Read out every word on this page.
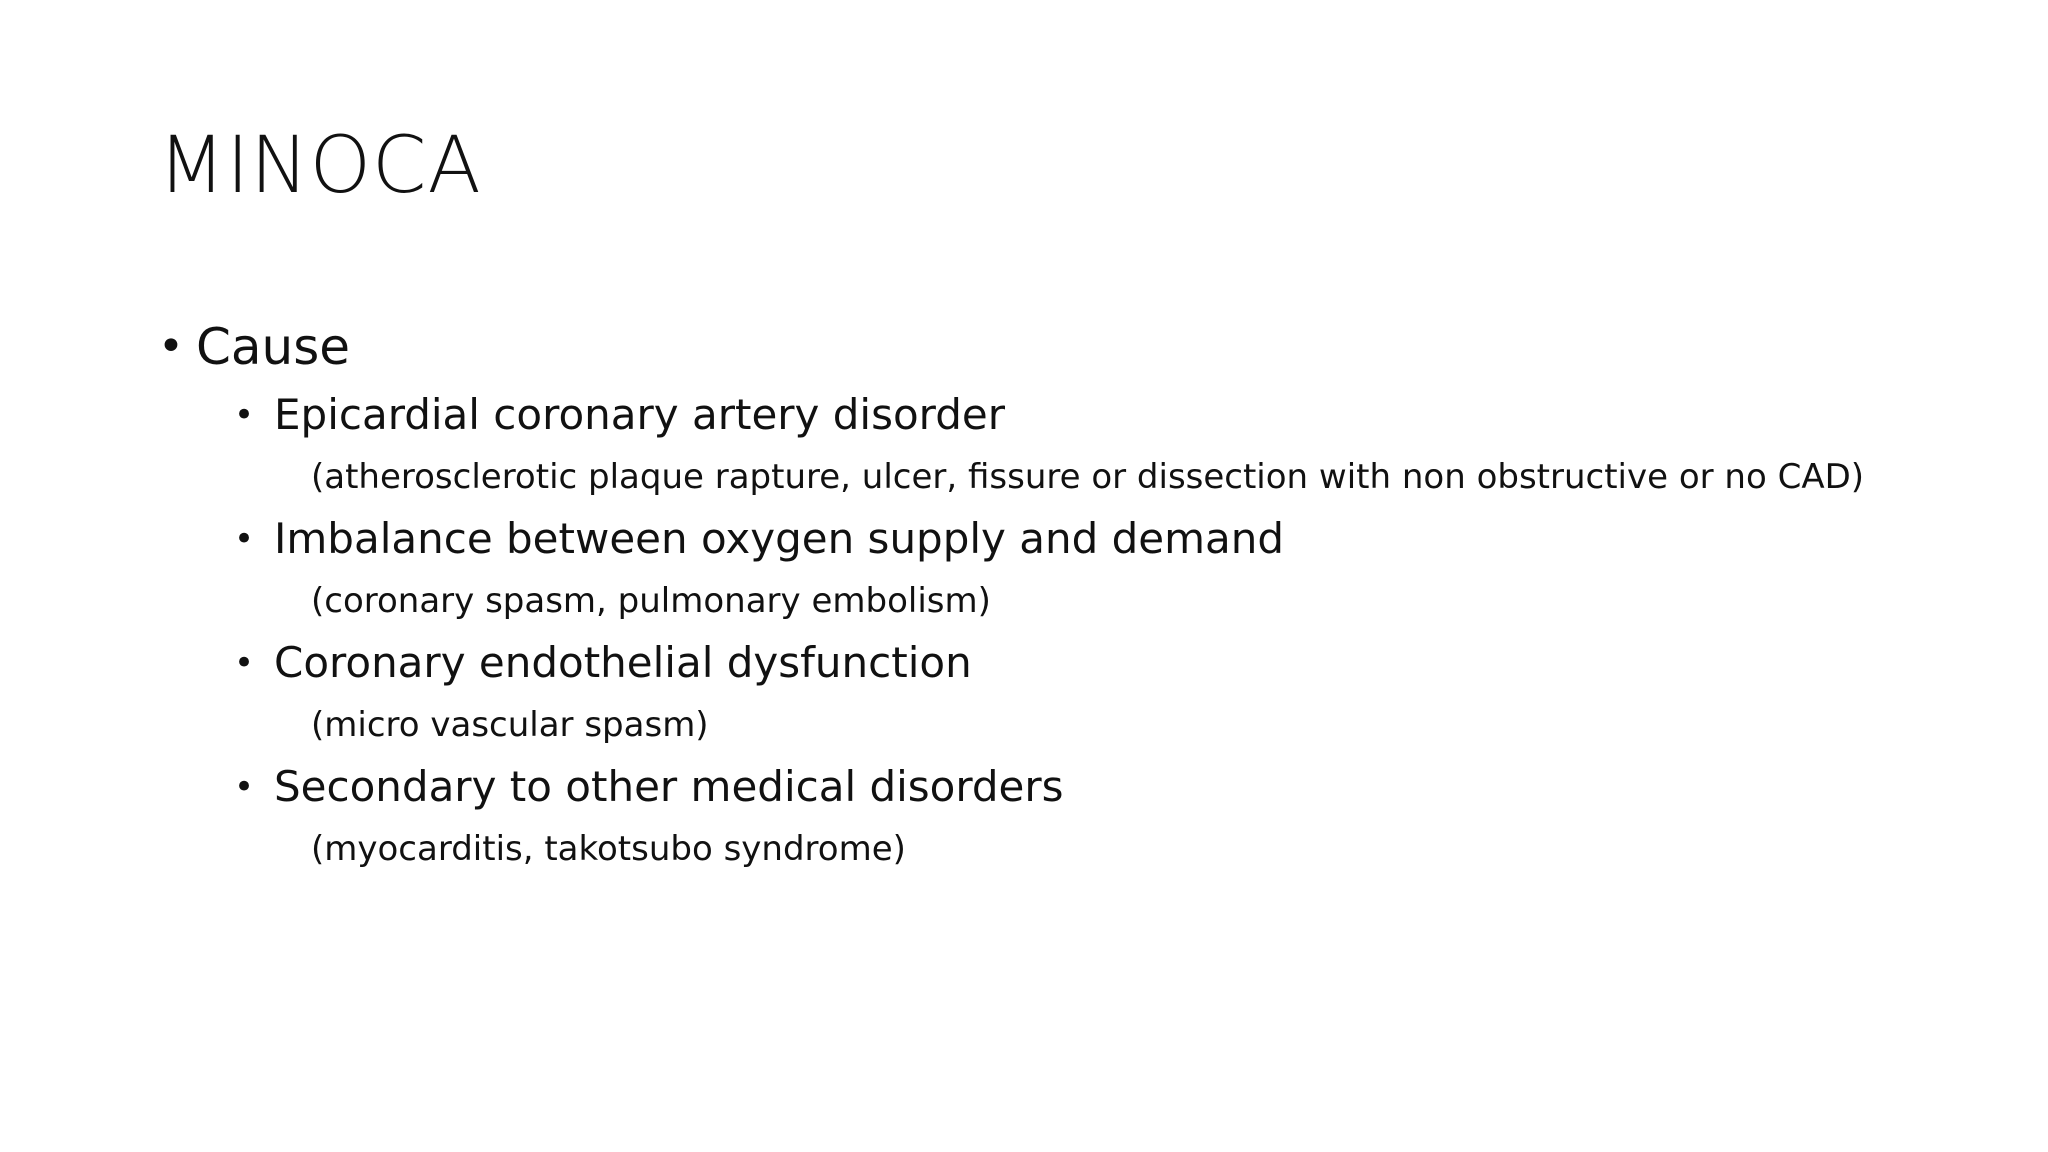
MINOCA
• Cause
• Epicardial coronary artery disorder
(atherosclerotic plaque rapture, ulcer, fissure or dissection with non obstructive or no CAD)
• Imbalance between oxygen supply and demand
(coronary spasm, pulmonary embolism)
• Coronary endothelial dysfunction
(micro vascular spasm)
• Secondary to other medical disorders
(myocarditis, takotsubo syndrome)
